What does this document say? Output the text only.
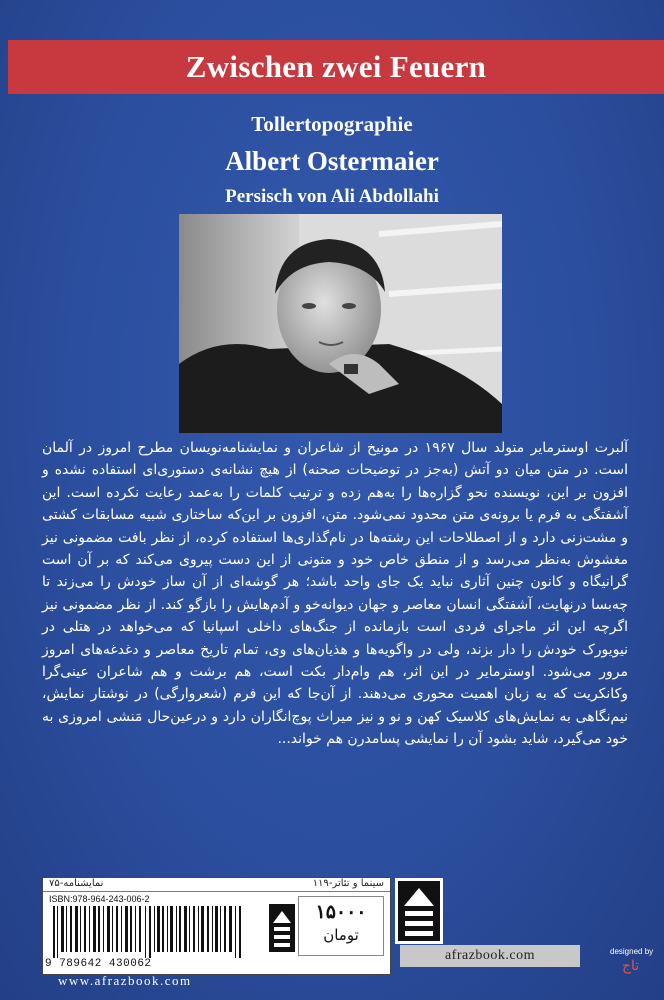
Zwischen zwei Feuern
Tollertopographie
Albert Ostermaier
Persisch von Ali Abdollahi

آلبرت اوسترمایر متولد سال ۱۹۶۷ در مونیخ از شاعران و نمایشنامه‌نویسان مطرح امروز در آلمان است. در متن میان دو آتش (به‌جز در توضیحات صحنه) از هیچ نشانه‌ی دستوری‌ای استفاده نشده و افزون بر این، نویسنده نحو گزاره‌ها را به‌هم زده و ترتیب کلمات را به‌عمد رعایت نکرده است. این آشفتگی به فرم یا برونه‌ی متن محدود نمی‌شود. متن، افزون بر این‌که ساختاری شبیه مسابقات کشتی و مشت‌زنی دارد و از اصطلاحات این رشته‌ها در نام‌گذاری‌ها استفاده کرده، از نظر بافت مضمونی نیز مغشوش به‌نظر می‌رسد و از منطق خاص خود و متونی از این دست پیروی می‌کند که بر آن است گرانیگاه و کانون چنین آثاری نباید یک جای واحد باشد؛ هر گوشه‌ای از آن ساز خودش را می‌زند تا چه‌بسا درنهایت، آشفتگی انسان معاصر و جهان دیوانه‌خو و آدم‌هایش را بازگو کند. از نظر مضمونی نیز اگرچه این اثر ماجرای فردی است بازمانده از جنگ‌های داخلی اسپانیا که می‌خواهد در هتلی در نیویورک خودش را دار بزند، ولی در واگویه‌ها و هذیان‌های وی، تمام تاریخ معاصر و دغدغه‌های امروز مرور می‌شود. اوسترمایر در این اثر، هم وام‌دار بکت است، هم برشت و هم شاعران عینی‌گرا وکانکریت که به زبان اهمیت محوری می‌دهند. از آن‌جا که این فرم (شعروارگی) در نوشتار نمایش، نیم‌نگاهی به نمایش‌های کلاسیک کهن و نو و نیز میراث پوچ‌انگاران دارد و درعین‌حال مَنشی امروزی به خود می‌گیرد، شاید بشود آن را نمایشی پسامدرن هم خواند...

سینما و تئاتر-۱۱۹
نمایشنامه-۷۵
ISBN:978-964-243-006-2
9 789642 430062
۱۵۰۰۰
تومان
afrazbook.com
www.afrazbook.com
designed by
تاج
